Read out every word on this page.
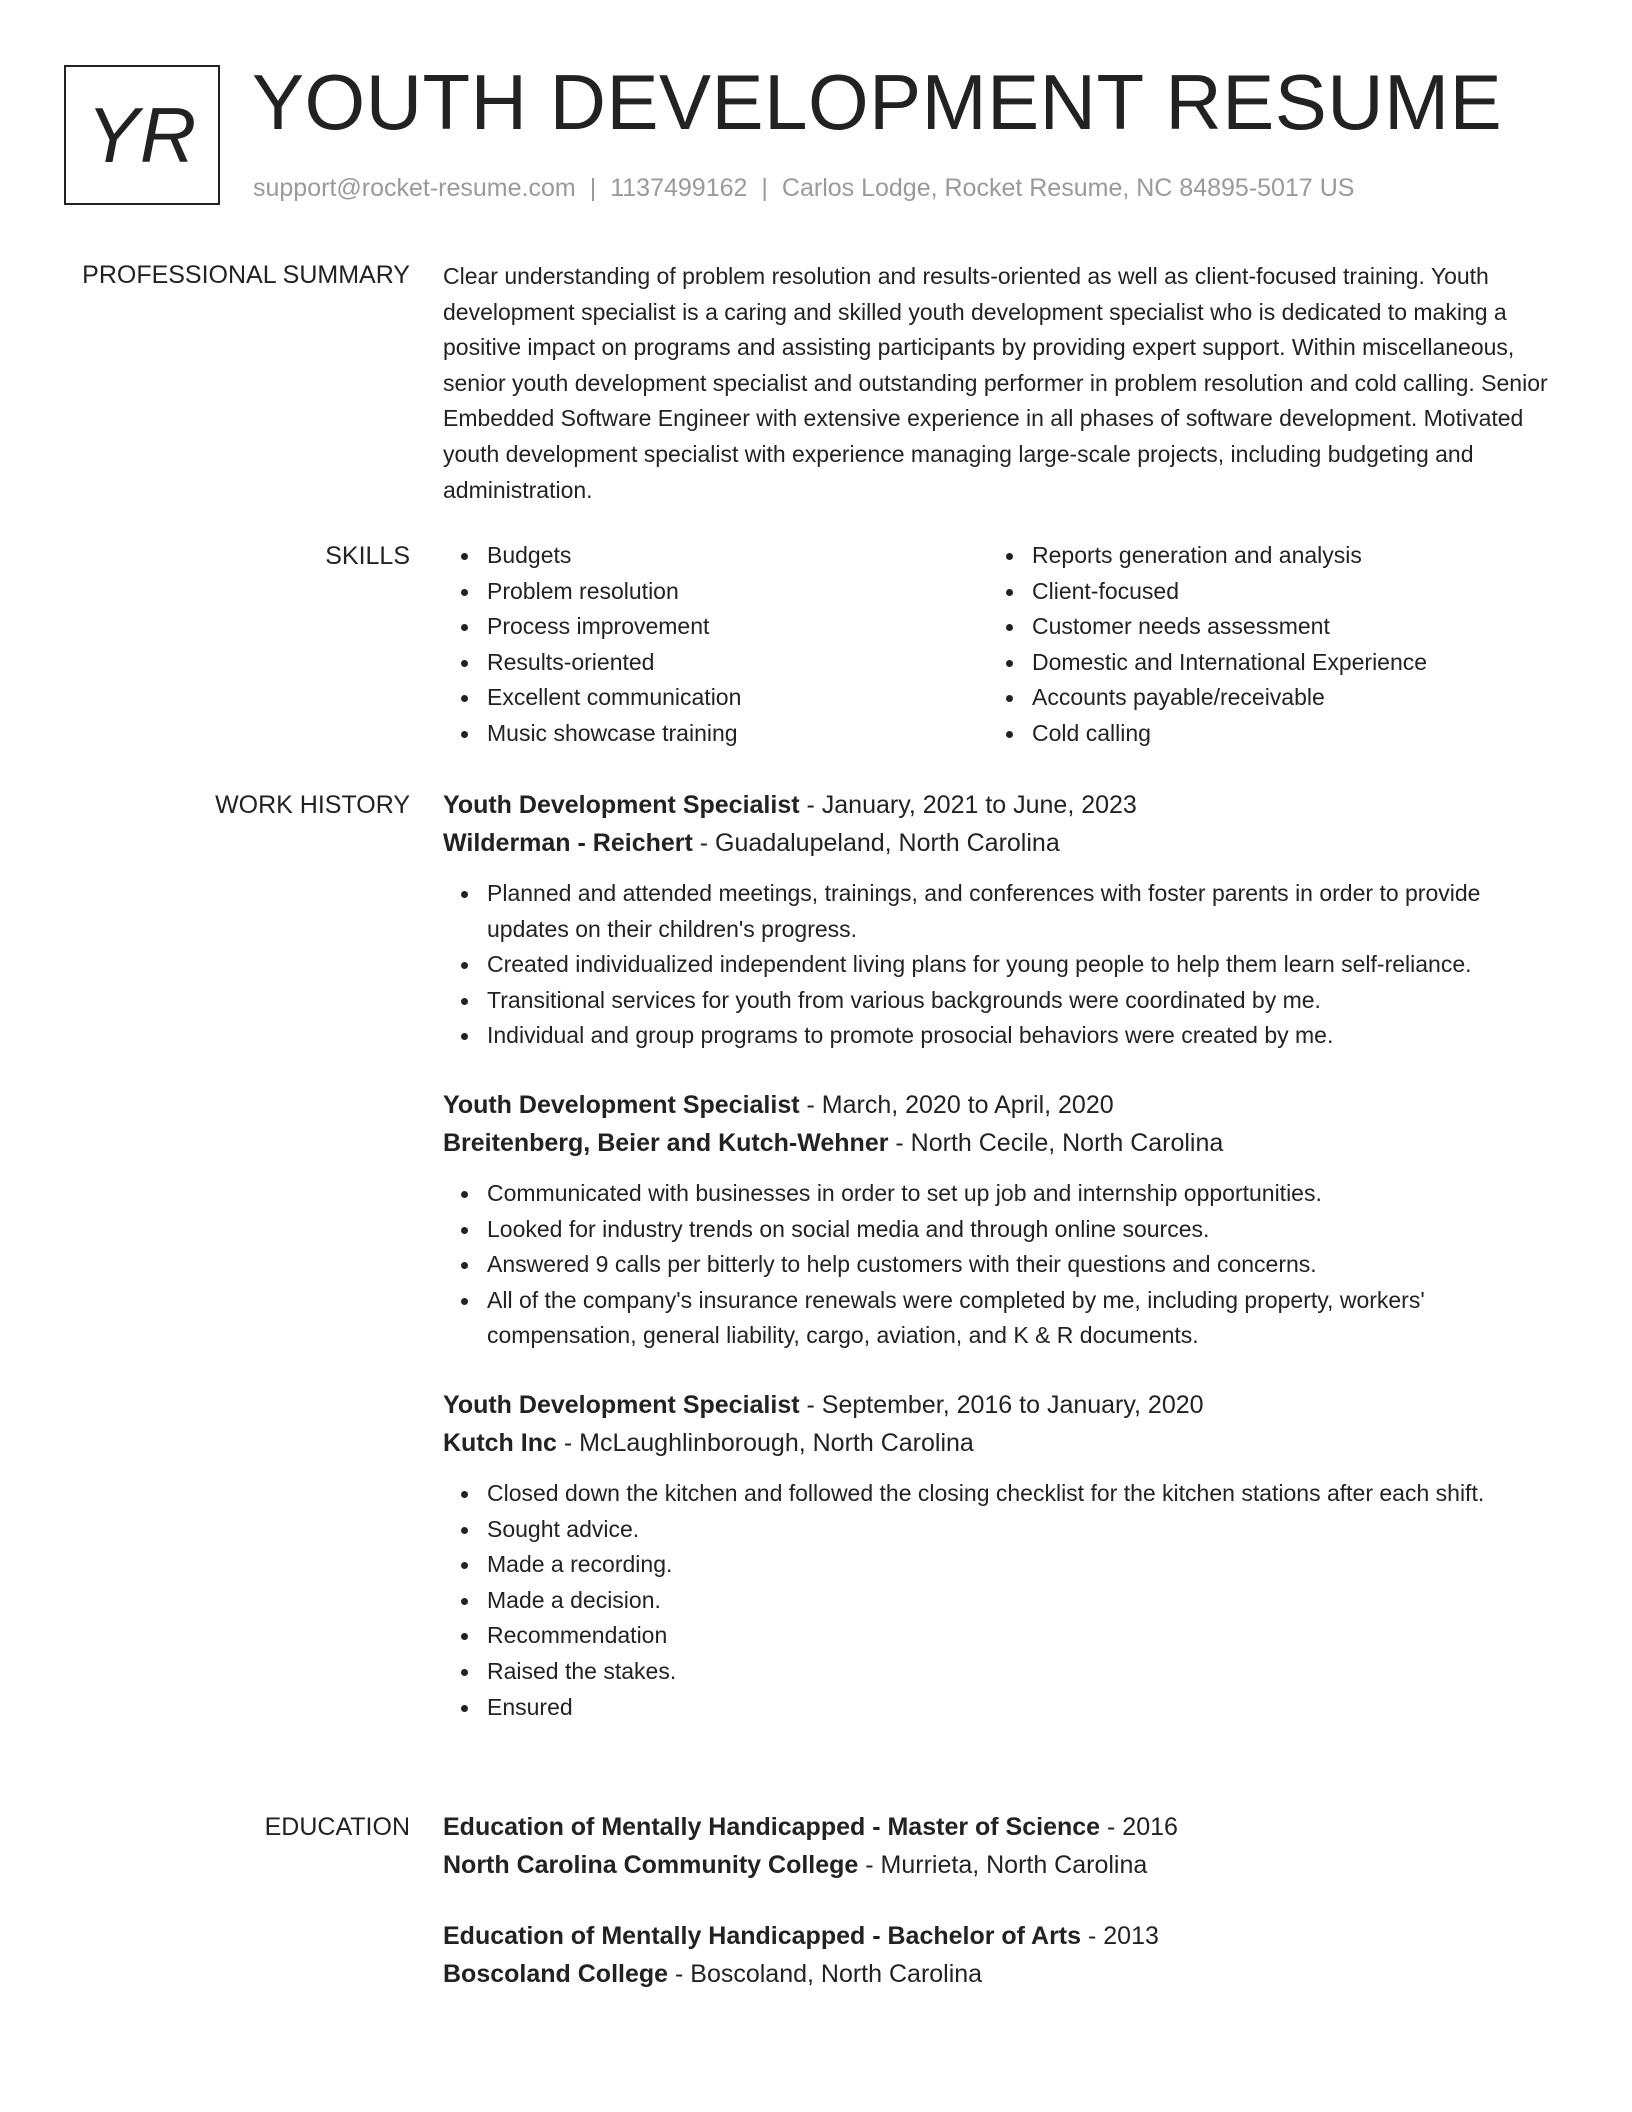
YR YOUTH DEVELOPMENT RESUME
support@rocket-resume.com | 1137499162 | Carlos Lodge, Rocket Resume, NC 84895-5017 US
PROFESSIONAL SUMMARY Clear understanding of problem resolution and results-oriented as well as client-focused training. Youth development specialist is a caring and skilled youth development specialist who is dedicated to making a positive impact on programs and assisting participants by providing expert support. Within miscellaneous, senior youth development specialist and outstanding performer in problem resolution and cold calling. Senior Embedded Software Engineer with extensive experience in all phases of software development. Motivated youth development specialist with experience managing large-scale projects, including budgeting and administration.

SKILLS	Budgets
Problem resolution
Process improvement
Results-oriented
Excellent communication
Music showcase training
Reports generation and analysis
Client-focused
Customer needs assessment
Domestic and International Experience
Accounts payable/receivable
Cold calling
WORK HISTORY Youth Development Specialist - January, 2021 to June, 2023
Wilderman - Reichert - Guadalupeland, North Carolina
Planned and attended meetings, trainings, and conferences with foster parents in order to provide updates on their children's progress.
Created individualized independent living plans for young people to help them learn self-reliance.
Transitional services for youth from various backgrounds were coordinated by me.
Individual and group programs to promote prosocial behaviors were created by me.
Youth Development Specialist - March, 2020 to April, 2020
Breitenberg, Beier and Kutch-Wehner - North Cecile, North Carolina
Communicated with businesses in order to set up job and internship opportunities.
Looked for industry trends on social media and through online sources.
Answered 9 calls per bitterly to help customers with their questions and concerns.
All of the company's insurance renewals were completed by me, including property, workers' compensation, general liability, cargo, aviation, and K & R documents.
Youth Development Specialist - September, 2016 to January, 2020
Kutch Inc - McLaughlinborough, North Carolina
Closed down the kitchen and followed the closing checklist for the kitchen stations after each shift.
Sought advice.
Made a recording.
Made a decision.
Recommendation
Raised the stakes.
Ensured
EDUCATION Education of Mentally Handicapped - Master of Science - 2016
North Carolina Community College - Murrieta, North Carolina
Education of Mentally Handicapped - Bachelor of Arts - 2013
Boscoland College - Boscoland, North Carolina
